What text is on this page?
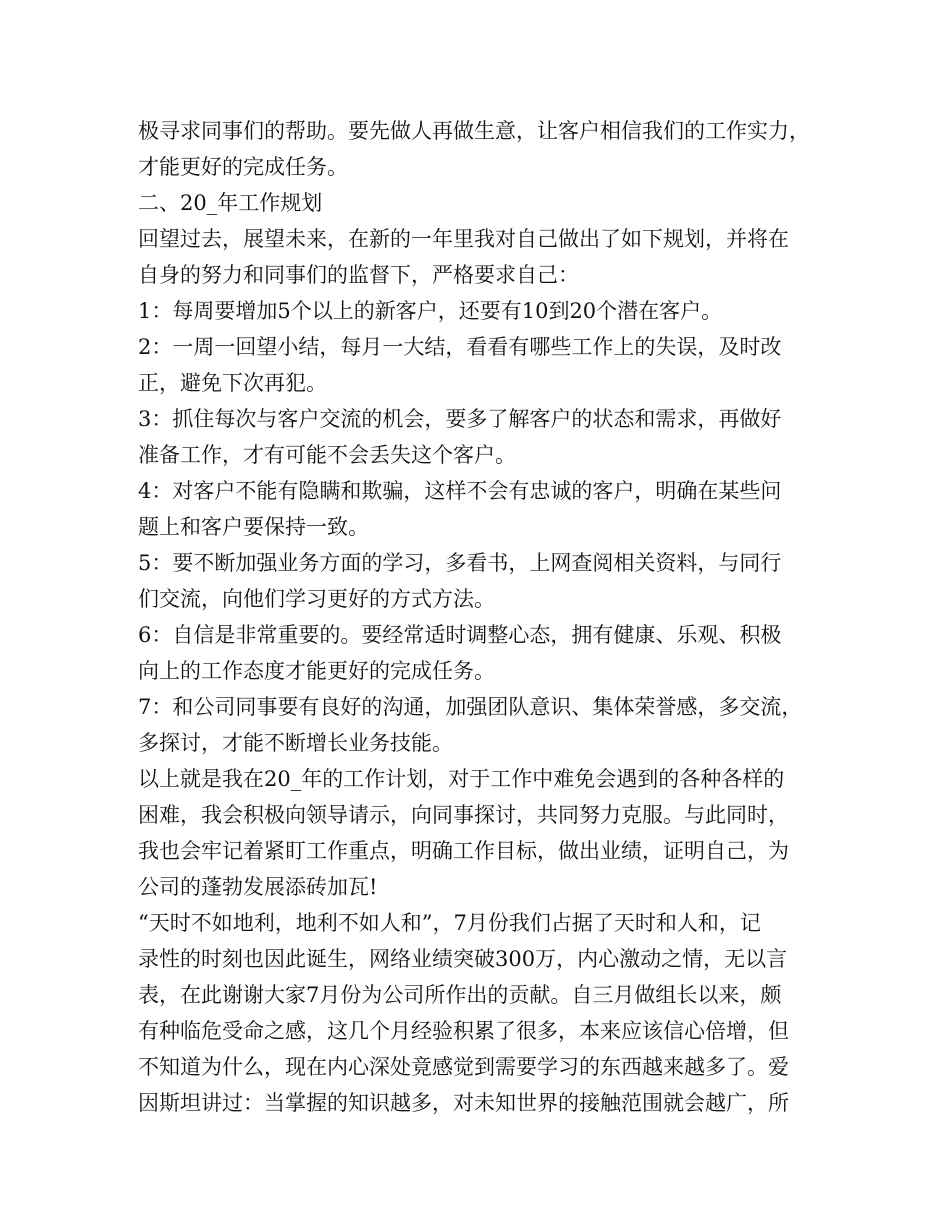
极寻求同事们的帮助。要先做人再做生意，让客户相信我们的工作实力，
才能更好的完成任务。
二、20_年工作规划
回望过去，展望未来，在新的一年里我对自己做出了如下规划，并将在
自身的努力和同事们的监督下，严格要求自己：
1：每周要增加5个以上的新客户，还要有10到20个潜在客户。
2：一周一回望小结，每月一大结，看看有哪些工作上的失误，及时改
正，避免下次再犯。
3：抓住每次与客户交流的机会，要多了解客户的状态和需求，再做好
准备工作，才有可能不会丢失这个客户。
4：对客户不能有隐瞒和欺骗，这样不会有忠诚的客户，明确在某些问
题上和客户要保持一致。
5：要不断加强业务方面的学习，多看书，上网查阅相关资料，与同行
们交流，向他们学习更好的方式方法。
6：自信是非常重要的。要经常适时调整心态，拥有健康、乐观、积极
向上的工作态度才能更好的完成任务。
7：和公司同事要有良好的沟通，加强团队意识、集体荣誉感，多交流，
多探讨，才能不断增长业务技能。
以上就是我在20_年的工作计划，对于工作中难免会遇到的各种各样的
困难，我会积极向领导请示，向同事探讨，共同努力克服。与此同时，
我也会牢记着紧盯工作重点，明确工作目标，做出业绩，证明自己，为
公司的蓬勃发展添砖加瓦!
“天时不如地利，地利不如人和”，7月份我们占据了天时和人和，记
录性的时刻也因此诞生，网络业绩突破300万，内心激动之情，无以言
表，在此谢谢大家7月份为公司所作出的贡献。自三月做组长以来，颇
有种临危受命之感，这几个月经验积累了很多，本来应该信心倍增，但
不知道为什么，现在内心深处竟感觉到需要学习的东西越来越多了。爱
因斯坦讲过：当掌握的知识越多，对未知世界的接触范围就会越广，所
